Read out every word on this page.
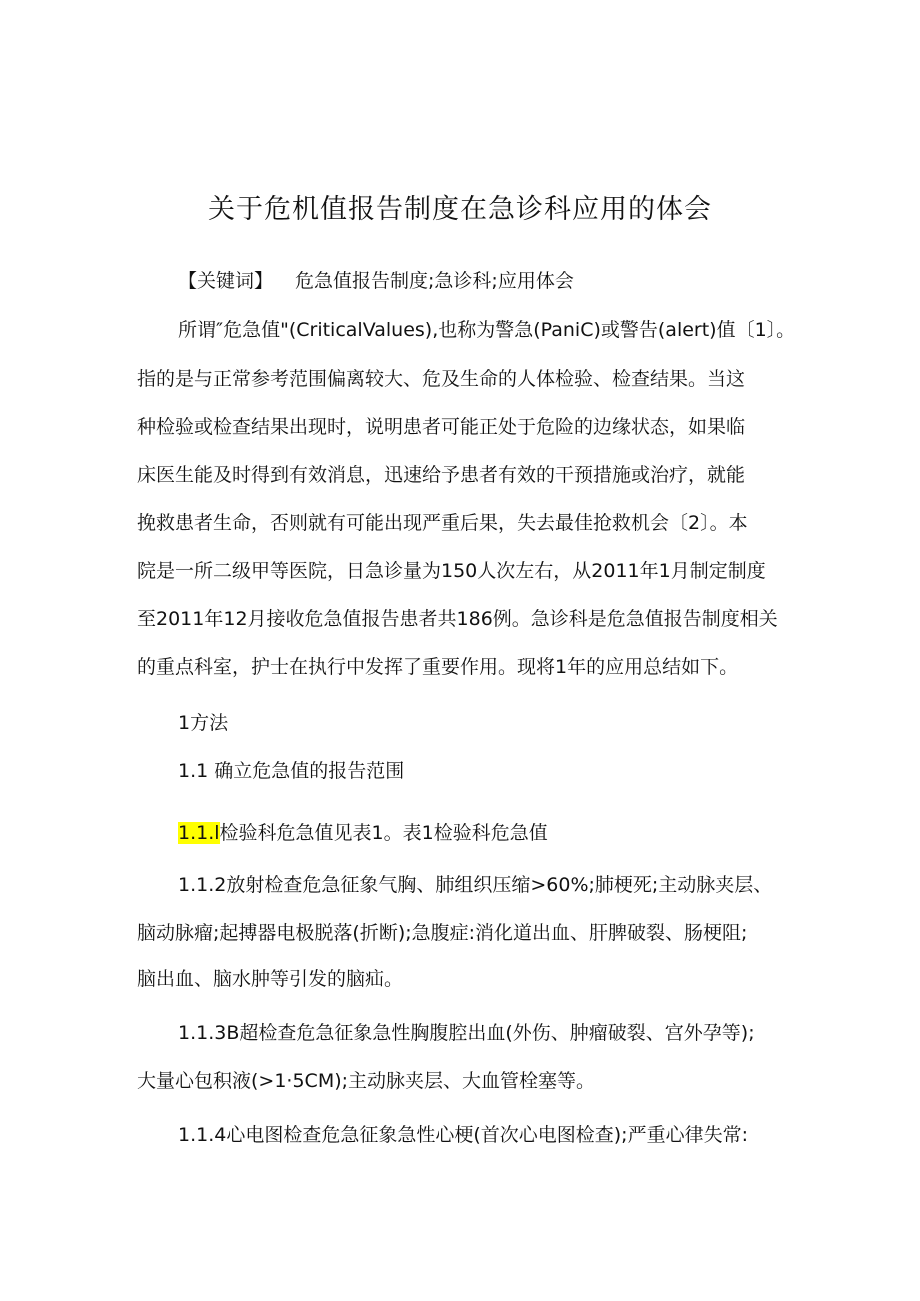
关于危机值报告制度在急诊科应用的体会
【关键词】 危急值报告制度;急诊科;应用体会
所谓″危急值"(CriticalValues),也称为警急(PaniC)或警告(alert)值〔1〕。
指的是与正常参考范围偏离较大、危及生命的人体检验、检查结果。当这
种检验或检查结果出现时，说明患者可能正处于危险的边缘状态，如果临
床医生能及时得到有效消息，迅速给予患者有效的干预措施或治疗，就能
挽救患者生命，否则就有可能出现严重后果，失去最佳抢救机会〔2〕。本
院是一所二级甲等医院，日急诊量为150人次左右，从2011年1月制定制度
至2011年12月接收危急值报告患者共186例。急诊科是危急值报告制度相关
的重点科室，护士在执行中发挥了重要作用。现将1年的应用总结如下。
1方法
1.1 确立危急值的报告范围
1.1.l检验科危急值见表1。表1检验科危急值
1.1.2放射检查危急征象气胸、肺组织压缩>60%;肺梗死;主动脉夹层、
脑动脉瘤;起搏器电极脱落(折断);急腹症:消化道出血、肝脾破裂、肠梗阻;
脑出血、脑水肿等引发的脑疝。
1.1.3B超检查危急征象急性胸腹腔出血(外伤、肿瘤破裂、宫外孕等);
大量心包积液(>1·5CM);主动脉夹层、大血管栓塞等。
1.1.4心电图检查危急征象急性心梗(首次心电图检查);严重心律失常:
